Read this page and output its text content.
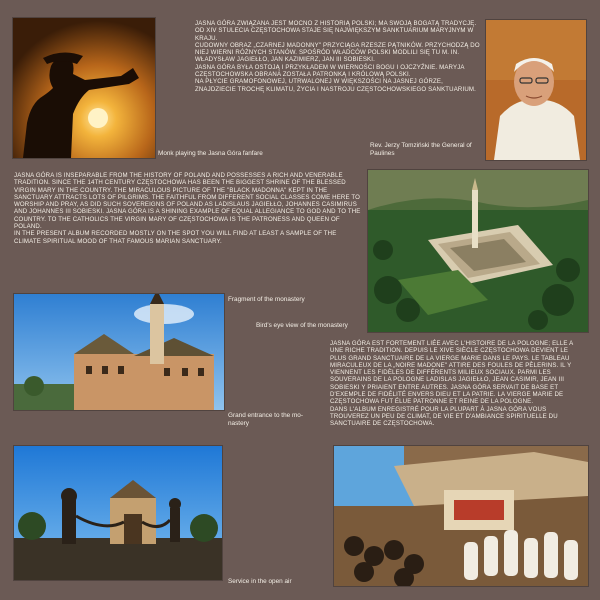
JASNA GÓRA ZWIĄZANA JEST MOCNO Z HISTORIĄ POLSKI; MA SWOJĄ BOGATĄ TRADYCJĘ. OD XIV STULECIA CZĘSTOCHOWA STAJE SIĘ NAJWIĘKSZYM SANKTUARIUM MARYJNYM W KRAJU.
CUDOWNY OBRAZ „CZARNEJ MADONNY" PRZYCIĄGA RZESZE PĄTNIKÓW. PRZYCHODZĄ DO NIEJ WIERNI RÓŻNYCH STANÓW. SPOŚRÓD WŁADCÓW POLSKI MODLILI SIĘ TU M. IN. WŁADYSŁAW JAGIEŁŁO, JAN KAZIMIERZ, JAN III SOBIESKI.
JASNA GÓRA BYŁA OSTOJĄ I PRZYKŁADEM W WIERNOŚCI BOGU I OJCZYŹNIE. MARYJA CZĘSTOCHOWSKA OBRANA ZOSTAŁA PATRONKĄ I KRÓLOWĄ POLSKI.
NA PŁYCIE GRAMOFONOWEJ, UTRWALONEJ W WIĘKSZOŚCI NA JASNEJ GÓRZE, ZNAJDZIECIE TROCHĘ KLIMATU, ŻYCIA I NASTROJU CZĘSTOCHOWSKIEGO SANKTUARIUM.

Monk playing the Jasna Góra fanfare
Rev. Jerzy Tomziński the General of Paulines

JASNA GÓRA IS INSEPARABLE FROM THE HISTORY OF POLAND AND POSSESSES A RICH AND VENERABLE TRADITION. SINCE THE 14TH CENTURY CZĘSTOCHOWA HAS BEEN THE BIGGEST SHRINE OF THE BLESSED VIRGIN MARY IN THE COUNTRY. THE MIRACULOUS PICTURE OF THE "BLACK MADONNA" KEPT IN THE SANCTUARY ATTRACTS LOTS OF PILGRIMS. THE FAITHFUL FROM DIFFERENT SOCIAL CLASSES COME HERE TO WORSHIP AND PRAY, AS DID SUCH SOVEREIGNS OF POLAND AS LADISLAUS JAGIEŁŁO, JOHANNES CASIMIRUS AND JOHANNES III SOBIESKI. JASNA GÓRA IS A SHINING EXAMPLE OF EQUAL ALLEGIANCE TO GOD AND TO THE COUNTRY. TO THE CATHOLICS THE VIRGIN MARY OF CZĘSTOCHOWA IS THE PATRONESS AND QUEEN OF POLAND.
IN THE PRESENT ALBUM RECORDED MOSTLY ON THE SPOT YOU WILL FIND AT LEAST A SAMPLE OF THE CLIMATE SPIRITUAL MOOD OF THAT FAMOUS MARIAN SANCTUARY.

Fragment of the monastery
Bird's eye view of the monastery

JASNA GÓRA EST FORTEMENT LIÉE AVEC L'HISTOIRE DE LA POLOGNE; ELLE A UNE RICHE TRADITION. DEPUIS LE XIVE SIÈCLE CZĘSTOCHOWA DEVIENT LE PLUS GRAND SANCTUAIRE DE LA VIERGE MARIE DANS LE PAYS. LE TABLEAU MIRACULEUX DE LA „NOIRE MADONE" ATTIRE DES FOULES DE PÈLERINS. IL Y VIENNENT LES FIDÈLES DE DIFFÉRENTS MILIEUX SOCIAUX. PARMI LES SOUVERAINS DE LA POLOGNE LADISLAS JAGIEŁŁO, JEAN CASIMIR, JEAN III SOBIESKI Y PRIAIENT ENTRE AUTRES. JASNA GÓRA SERVAIT DE BASE ET D'EXEMPLE DE FIDÉLITÉ ENVERS DIEU ET LA PATRIE. LA VIERGE MARIE DE CZĘSTOCHOWA FUT ÉLUE PATRONNE ET REINE DE LA POLOGNE.
DANS L'ALBUM ENREGISTRÉ POUR LA PLUPART À JASNA GÓRA VOUS TROUVEREZ UN PEU DE CLIMAT, DE VIE ET D'AMBIANCE SPIRITUELLE DU SANCTUAIRE DE CZĘSTOCHOWA.

Grand entrance to the mo-
nastery
Service in the open air
